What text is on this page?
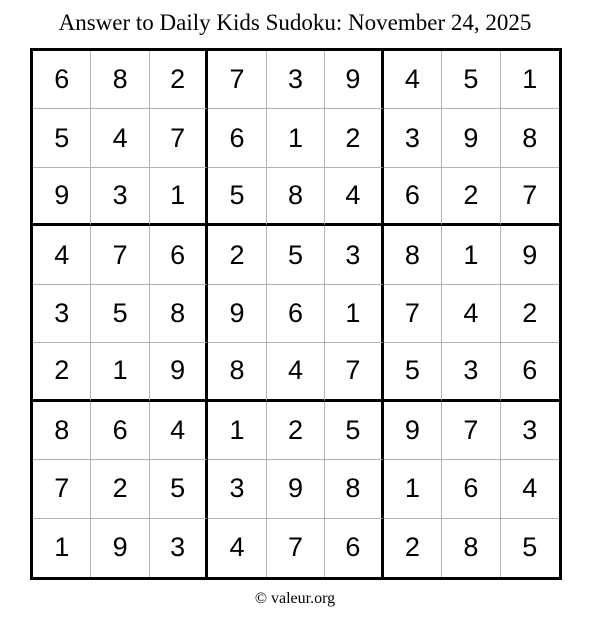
Answer to Daily Kids Sudoku: November 24, 2025
6	8	2	7	3	9	4	5	1
5	4	7	6	1	2	3	9	8
9	3	1	5	8	4	6	2	7
4	7	6	2	5	3	8	1	9
3	5	8	9	6	1	7	4	2
2	1	9	8	4	7	5	3	6
8	6	4	1	2	5	9	7	3
7	2	5	3	9	8	1	6	4
1	9	3	4	7	6	2	8	5
© valeur.org
